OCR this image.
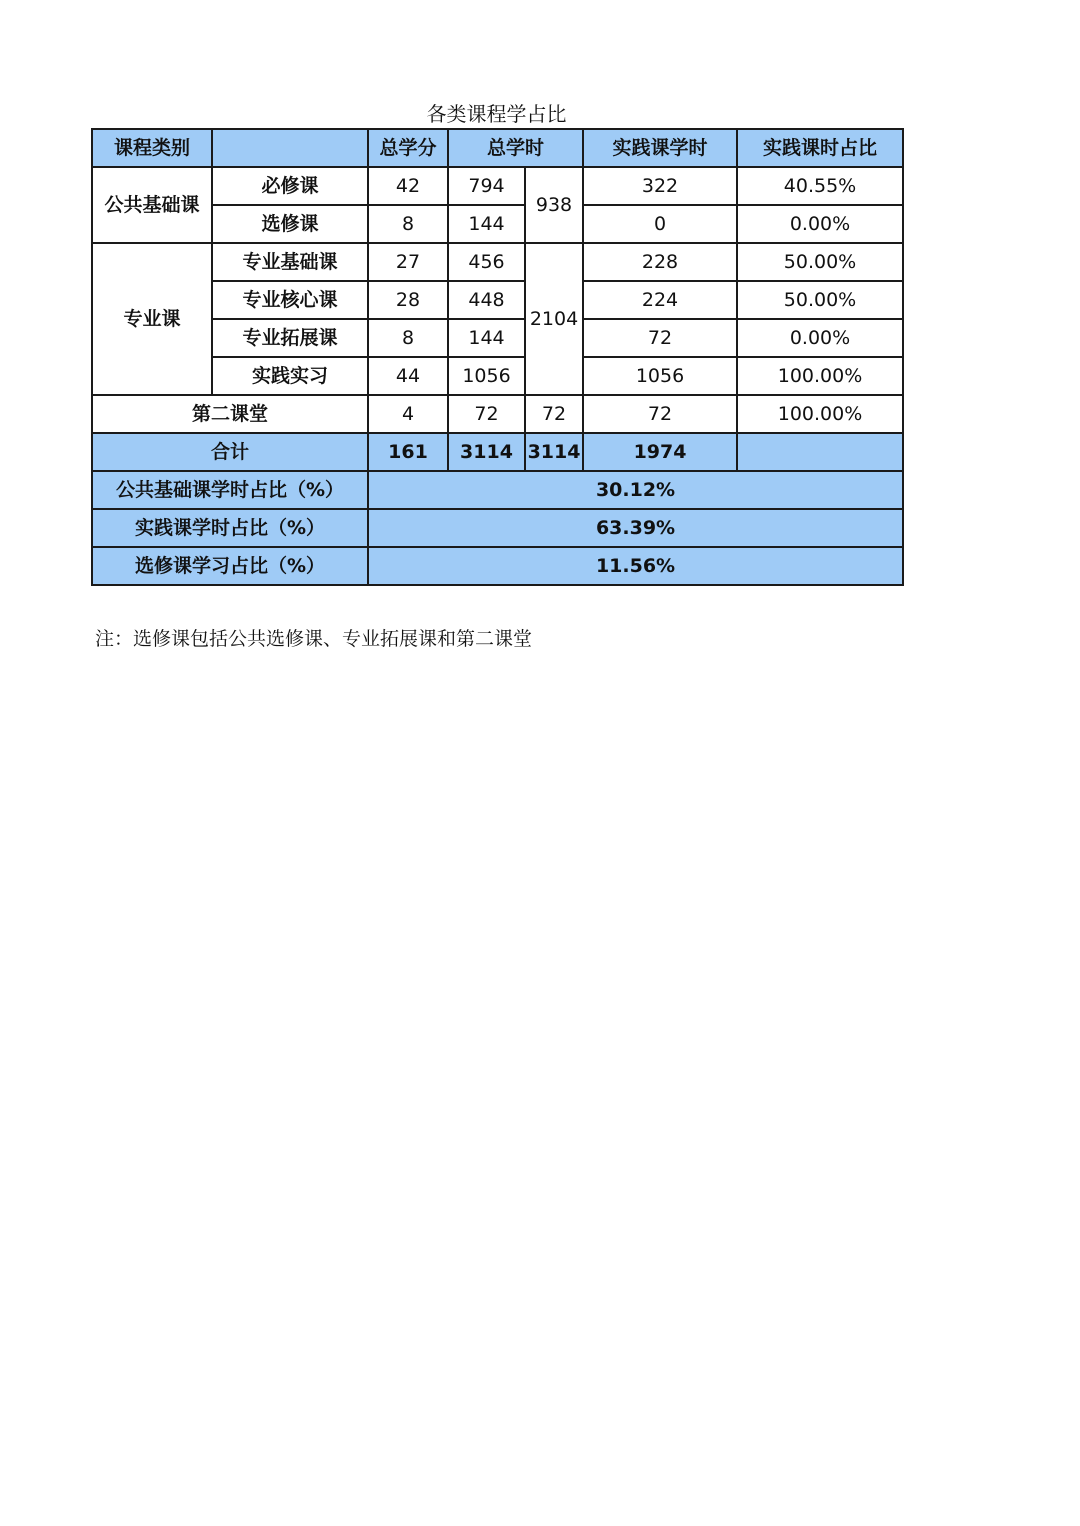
各类课程学占比
课程类别		总学分	总学时		实践课学时	实践课时占比
公共基础课	必修课	42	794	938	322	40.55%
	选修课	8	144		0	0.00%
专业课	专业基础课	27	456	2104	228	50.00%
	专业核心课	28	448		224	50.00%
	专业拓展课	8	144		72	0.00%
	实践实习	44	1056		1056	100.00%
第二课堂		4	72	72	72	100.00%
合计		161	3114	3114	1974	
公共基础课学时占比（%）		30.12%				
实践课学时占比（%）		63.39%				
选修课学习占比（%）		11.56%				
注：选修课包括公共选修课、专业拓展课和第二课堂
